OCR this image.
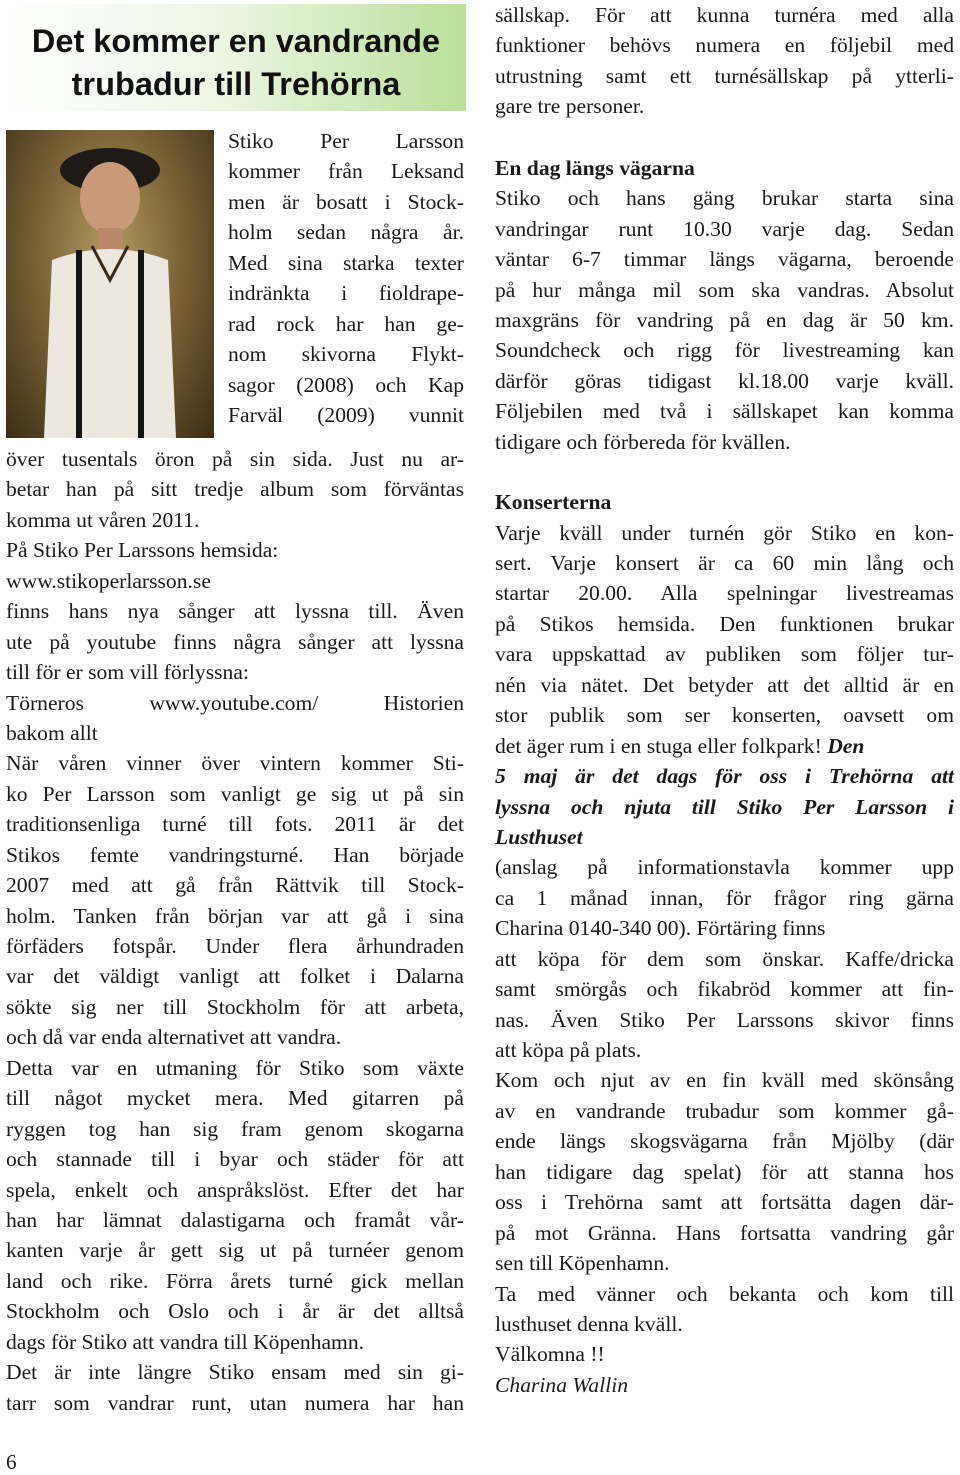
Det kommer en vandrande
trubadur till Trehörna
Stiko Per Larsson
kommer från Leksand
men är bosatt i Stock-
holm sedan några år.
Med sina starka texter
indränkta i fioldrape-
rad rock har han ge-
nom skivorna Flykt-
sagor (2008) och Kap
Farväl (2009) vunnit
över tusentals öron på sin sida. Just nu ar-
betar han på sitt tredje album som förväntas
komma ut våren 2011.
På Stiko Per Larssons hemsida:
www.stikoperlarsson.se
finns hans nya sånger att lyssna till. Även
ute på youtube finns några sånger att lyssna
till för er som vill förlyssna:
Törneros www.youtube.com/ Historien
bakom allt
När våren vinner över vintern kommer Sti-
ko Per Larsson som vanligt ge sig ut på sin
traditionsenliga turné till fots. 2011 är det
Stikos femte vandringsturné. Han började
2007 med att gå från Rättvik till Stock-
holm. Tanken från början var att gå i sina
förfäders fotspår. Under flera århundraden
var det väldigt vanligt att folket i Dalarna
sökte sig ner till Stockholm för att arbeta,
och då var enda alternativet att vandra.
Detta var en utmaning för Stiko som växte
till något mycket mera. Med gitarren på
ryggen tog han sig fram genom skogarna
och stannade till i byar och städer för att
spela, enkelt och anspråkslöst. Efter det har
han har lämnat dalastigarna och framåt vår-
kanten varje år gett sig ut på turnéer genom
land och rike. Förra årets turné gick mellan
Stockholm och Oslo och i år är det alltså
dags för Stiko att vandra till Köpenhamn.
Det är inte längre Stiko ensam med sin gi-
tarr som vandrar runt, utan numera har han
sällskap. För att kunna turnéra med alla
funktioner behövs numera en följebil med
utrustning samt ett turnésällskap på ytterli-
gare tre personer.
En dag längs vägarna
Stiko och hans gäng brukar starta sina
vandringar runt 10.30 varje dag. Sedan
väntar 6-7 timmar längs vägarna, beroende
på hur många mil som ska vandras. Absolut
maxgräns för vandring på en dag är 50 km.
Soundcheck och rigg för livestreaming kan
därför göras tidigast kl.18.00 varje kväll.
Följebilen med två i sällskapet kan komma
tidigare och förbereda för kvällen.
Konserterna
Varje kväll under turnén gör Stiko en kon-
sert. Varje konsert är ca 60 min lång och
startar 20.00. Alla spelningar livestreamas
på Stikos hemsida. Den funktionen brukar
vara uppskattad av publiken som följer tur-
nén via nätet. Det betyder att det alltid är en
stor publik som ser konserten, oavsett om
det äger rum i en stuga eller folkpark! Den
5 maj är det dags för oss i Trehörna att
lyssna och njuta till Stiko Per Larsson i
Lusthuset
(anslag på informationstavla kommer upp
ca 1 månad innan, för frågor ring gärna
Charina 0140-340 00). Förtäring finns
att köpa för dem som önskar. Kaffe/dricka
samt smörgås och fikabröd kommer att fin-
nas. Även Stiko Per Larssons skivor finns
att köpa på plats.
Kom och njut av en fin kväll med skönsång
av en vandrande trubadur som kommer gå-
ende längs skogsvägarna från Mjölby (där
han tidigare dag spelat) för att stanna hos
oss i Trehörna samt att fortsätta dagen där-
på mot Gränna. Hans fortsatta vandring går
sen till Köpenhamn.
Ta med vänner och bekanta och kom till
lusthuset denna kväll.
Välkomna !!
Charina Wallin
6
